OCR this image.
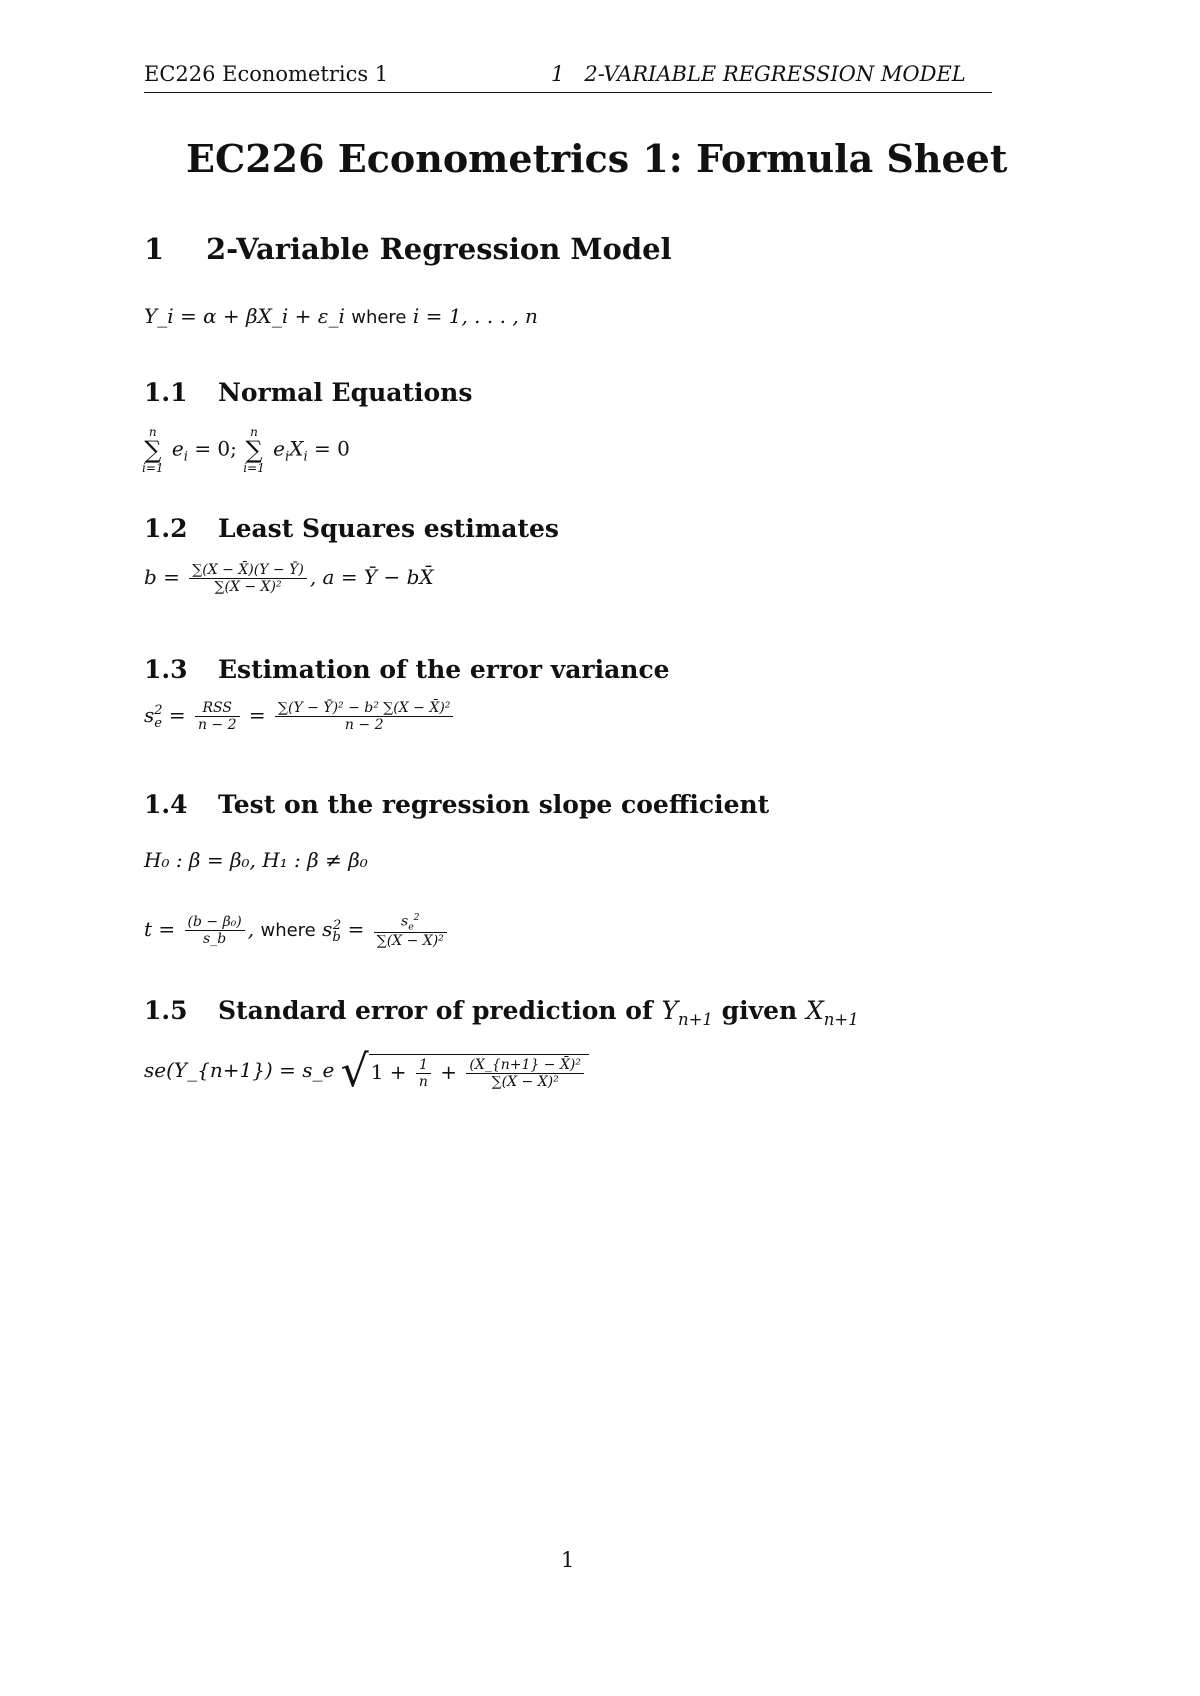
EC226 Econometrics 1	1 2-VARIABLE REGRESSION MODEL
EC226 Econometrics 1: Formula Sheet
1 2-Variable Regression Model
Y_i = α + βX_i + ε_i where i = 1, . . . , n
1.1 Normal Equations
n
∑
i=1
$e_i = 0$;
n
∑
i=1
$e_iX_i = 0$
1.2 Least Squares estimates
$b = \frac{\sum(X - X̄)(Y - Ȳ)}{\text{∑(X − X̄)²}}$ , a = Ȳ − bX̄
1.3 Estimation of the error variance
$s_e^2 = \frac{\text{RSS}}{n - 2} = \frac{\text{∑(Y − Ȳ)² − b² ∑(X − X̄)²}}{n - 2}$
1.4 Test on the regression slope coefficient
H₀ : β = β₀, H₁ : β ≠ β₀
$t = \frac{\text{(b − β₀)}}{s\_b}$ , where $s_b^2 = \frac{s_e^2}{\text{∑(X − X̄)²}}$
1.5 Standard error of prediction of $Y_{n+1}$ given $X_{n+1}$
se(Y_{n+1}) = s_e √ $1 + \frac{1}{n} + \frac{\text{(X\_\{n+1\} − X̄)²}}{\text{∑(X − X̄)²}}$
1
